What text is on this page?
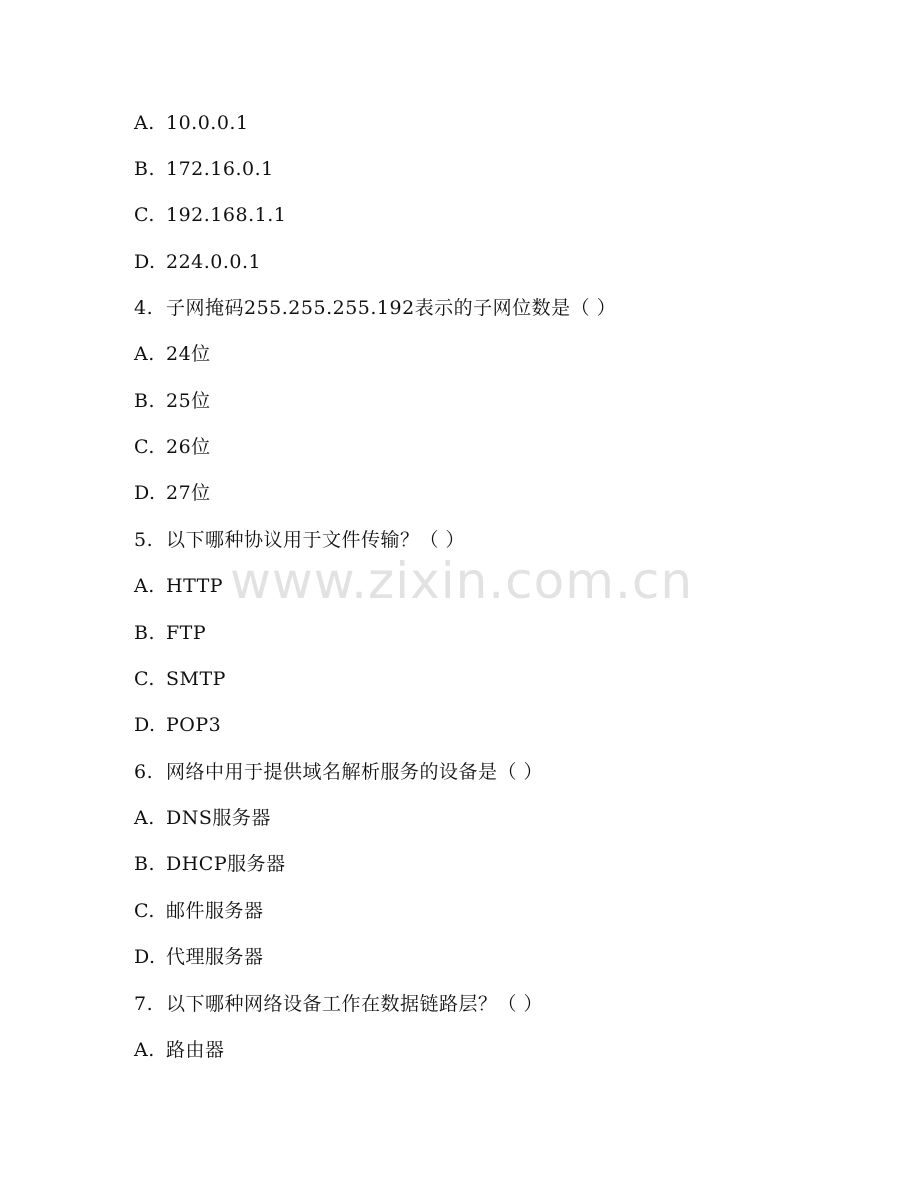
A. 10.0.0.1
B. 172.16.0.1
C. 192.168.1.1
D. 224.0.0.1
4. 子网掩码255.255.255.192表示的子网位数是（ ）
A. 24位
B. 25位
C. 26位
D. 27位
5. 以下哪种协议用于文件传输？（ ）
A. HTTP
B. FTP
C. SMTP
D. POP3
6. 网络中用于提供域名解析服务的设备是（ ）
A. DNS服务器
B. DHCP服务器
C. 邮件服务器
D. 代理服务器
7. 以下哪种网络设备工作在数据链路层？（ ）
A. 路由器
www.zixin.com.cn
